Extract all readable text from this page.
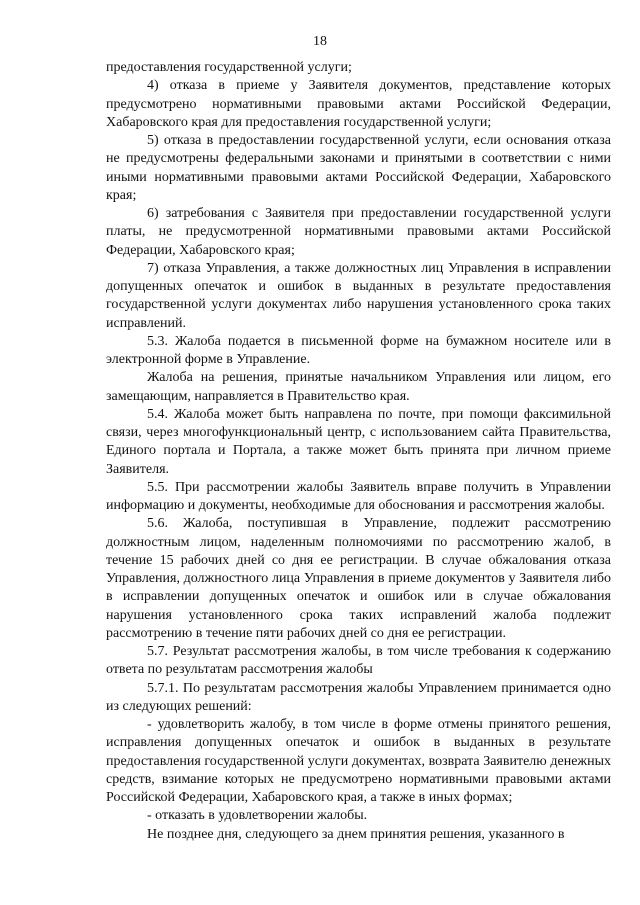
18

предоставления государственной услуги;

4) отказа в приеме у Заявителя документов, представление которых предусмотрено нормативными правовыми актами Российской Федерации, Хабаровского края для предоставления государственной услуги;

5) отказа в предоставлении государственной услуги, если основания отказа не предусмотрены федеральными законами и принятыми в соответствии с ними иными нормативными правовыми актами Российской Федерации, Хабаровского края;

6) затребования с Заявителя при предоставлении государственной услуги платы, не предусмотренной нормативными правовыми актами Российской Федерации, Хабаровского края;

7) отказа Управления, а также должностных лиц Управления в исправлении допущенных опечаток и ошибок в выданных в результате предоставления государственной услуги документах либо нарушения установленного срока таких исправлений.

5.3. Жалоба подается в письменной форме на бумажном носителе или в электронной форме в Управление.

Жалоба на решения, принятые начальником Управления или лицом, его замещающим, направляется в Правительство края.

5.4. Жалоба может быть направлена по почте, при помощи факсимильной связи, через многофункциональный центр, с использованием сайта Правительства, Единого портала и Портала, а также может быть принята при личном приеме Заявителя.

5.5. При рассмотрении жалобы Заявитель вправе получить в Управлении информацию и документы, необходимые для обоснования и рассмотрения жалобы.

5.6. Жалоба, поступившая в Управление, подлежит рассмотрению должностным лицом, наделенным полномочиями по рассмотрению жалоб, в течение 15 рабочих дней со дня ее регистрации. В случае обжалования отказа Управления, должностного лица Управления в приеме документов у Заявителя либо в исправлении допущенных опечаток и ошибок или в случае обжалования нарушения установленного срока таких исправлений жалоба подлежит рассмотрению в течение пяти рабочих дней со дня ее регистрации.

5.7. Результат рассмотрения жалобы, в том числе требования к содержанию ответа по результатам рассмотрения жалобы

5.7.1. По результатам рассмотрения жалобы Управлением принимается одно из следующих решений:

- удовлетворить жалобу, в том числе в форме отмены принятого решения, исправления допущенных опечаток и ошибок в выданных в результате предоставления государственной услуги документах, возврата Заявителю денежных средств, взимание которых не предусмотрено нормативными правовыми актами Российской Федерации, Хабаровского края, а также в иных формах;

- отказать в удовлетворении жалобы.

Не позднее дня, следующего за днем принятия решения, указанного в
